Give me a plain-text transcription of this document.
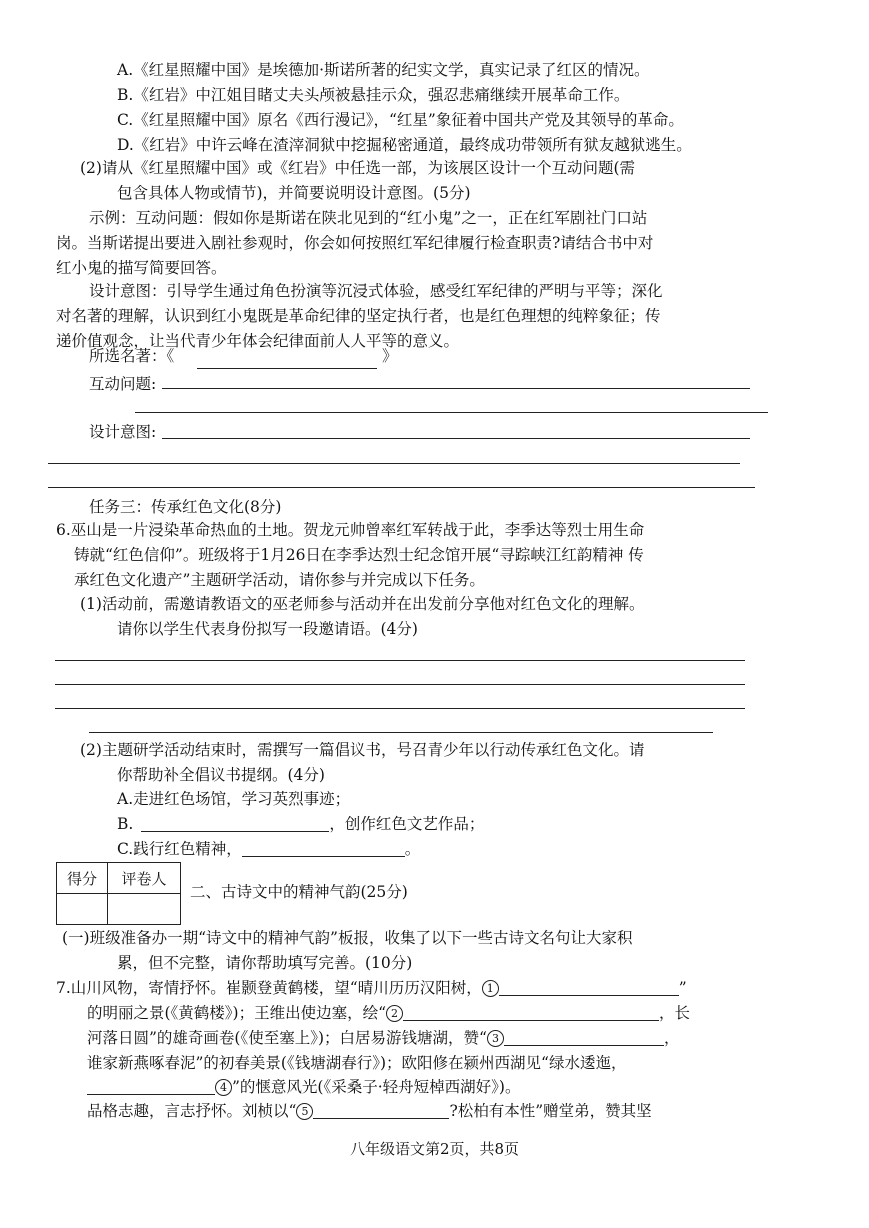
A.《红星照耀中国》是埃德加·斯诺所著的纪实文学，真实记录了红区的情况。
B.《红岩》中江姐目睹丈夫头颅被悬挂示众，强忍悲痛继续开展革命工作。
C.《红星照耀中国》原名《西行漫记》，“红星”象征着中国共产党及其领导的革命。
D.《红岩》中许云峰在渣滓洞狱中挖掘秘密通道，最终成功带领所有狱友越狱逃生。
(2)请从《红星照耀中国》或《红岩》中任选一部，为该展区设计一个互动问题(需
包含具体人物或情节)，并简要说明设计意图。(5分)
示例：互动问题：假如你是斯诺在陕北见到的“红小鬼”之一，正在红军剧社门口站
岗。当斯诺提出要进入剧社参观时，你会如何按照红军纪律履行检查职责?请结合书中对
红小鬼的描写简要回答。
设计意图：引导学生通过角色扮演等沉浸式体验，感受红军纪律的严明与平等；深化
对名著的理解，认识到红小鬼既是革命纪律的坚定执行者，也是红色理想的纯粹象征；传
递价值观念，让当代青少年体会纪律面前人人平等的意义。
所选名著：《	》
互动问题:
设计意图:
任务三：传承红色文化(8分)
6.巫山是一片浸染革命热血的土地。贺龙元帅曾率红军转战于此，李季达等烈士用生命
铸就“红色信仰”。班级将于1月26日在李季达烈士纪念馆开展“寻踪峡江红韵精神 传
承红色文化遗产”主题研学活动，请你参与并完成以下任务。
(1)活动前，需邀请教语文的巫老师参与活动并在出发前分享他对红色文化的理解。
请你以学生代表身份拟写一段邀请语。(4分)
(2)主题研学活动结束时，需撰写一篇倡议书，号召青少年以行动传承红色文化。请
你帮助补全倡议书提纲。(4分)
A.走进红色场馆，学习英烈事迹；
B.	，创作红色文艺作品；
C.践行红色精神，	。
得分	评卷人

二、古诗文中的精神气韵(25分)
(一)班级准备办一期“诗文中的精神气韵”板报，收集了以下一些古诗文名句让大家积
累，但不完整，请你帮助填写完善。(10分)
7.山川风物，寄情抒怀。崔颢登黄鹤楼，望“晴川历历汉阳树， 1	”
的明丽之景(《黄鹤楼》)；王维出使边塞，绘“ 2	，长
河落日圆”的雄奇画卷(《使至塞上》)；白居易游钱塘湖，赞“ 3	，
谁家新燕啄春泥”的初春美景(《钱塘湖春行》)；欧阳修在颍州西湖见“绿水逶迤，
4 ”的惬意风光(《采桑子·轻舟短棹西湖好》)。
品格志趣，言志抒怀。刘桢以“ 5	?松柏有本性”赠堂弟，赞其坚
八年级语文第2页，共8页
